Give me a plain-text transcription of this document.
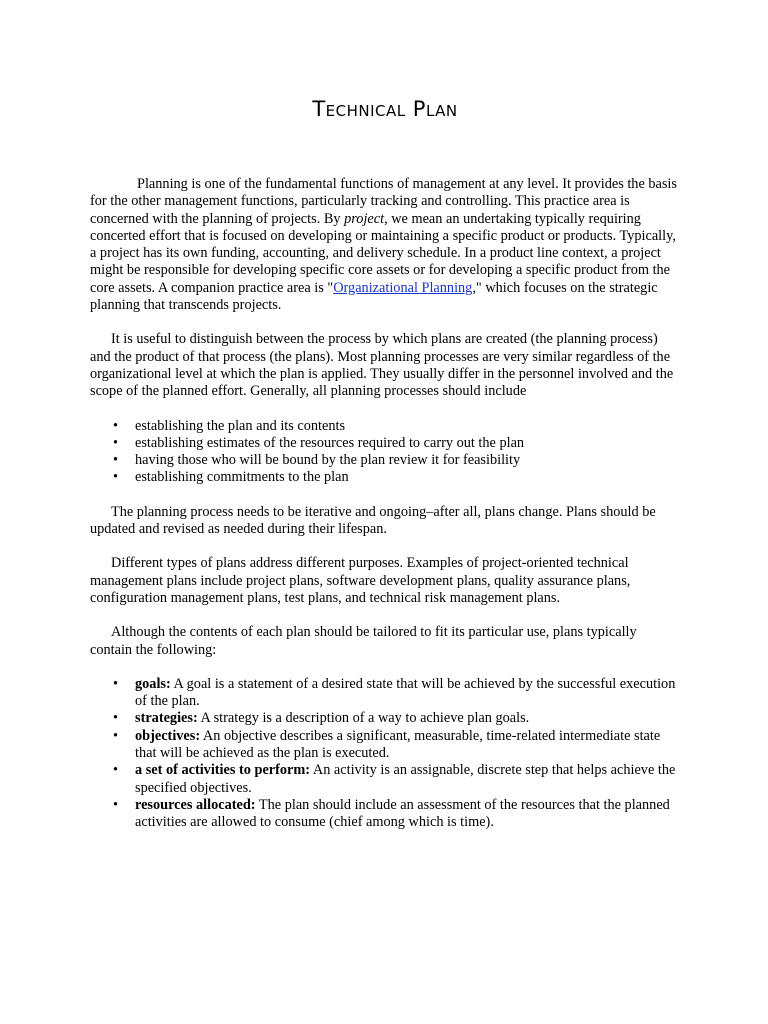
Technical Plan

Planning is one of the fundamental functions of management at any level. It provides the basis for the other management functions, particularly tracking and controlling. This practice area is concerned with the planning of projects. By project, we mean an undertaking typically requiring concerted effort that is focused on developing or maintaining a specific product or products. Typically, a project has its own funding, accounting, and delivery schedule. In a product line context, a project might be responsible for developing specific core assets or for developing a specific product from the core assets. A companion practice area is "Organizational Planning," which focuses on the strategic planning that transcends projects.

It is useful to distinguish between the process by which plans are created (the planning process) and the product of that process (the plans). Most planning processes are very similar regardless of the organizational level at which the plan is applied. They usually differ in the personnel involved and the scope of the planned effort. Generally, all planning processes should include

• establishing the plan and its contents
• establishing estimates of the resources required to carry out the plan
• having those who will be bound by the plan review it for feasibility
• establishing commitments to the plan

The planning process needs to be iterative and ongoing–after all, plans change. Plans should be updated and revised as needed during their lifespan.

Different types of plans address different purposes. Examples of project-oriented technical management plans include project plans, software development plans, quality assurance plans, configuration management plans, test plans, and technical risk management plans.

Although the contents of each plan should be tailored to fit its particular use, plans typically contain the following:

• goals: A goal is a statement of a desired state that will be achieved by the successful execution of the plan.
• strategies: A strategy is a description of a way to achieve plan goals.
• objectives: An objective describes a significant, measurable, time-related intermediate state that will be achieved as the plan is executed.
• a set of activities to perform: An activity is an assignable, discrete step that helps achieve the specified objectives.
• resources allocated: The plan should include an assessment of the resources that the planned activities are allowed to consume (chief among which is time).
